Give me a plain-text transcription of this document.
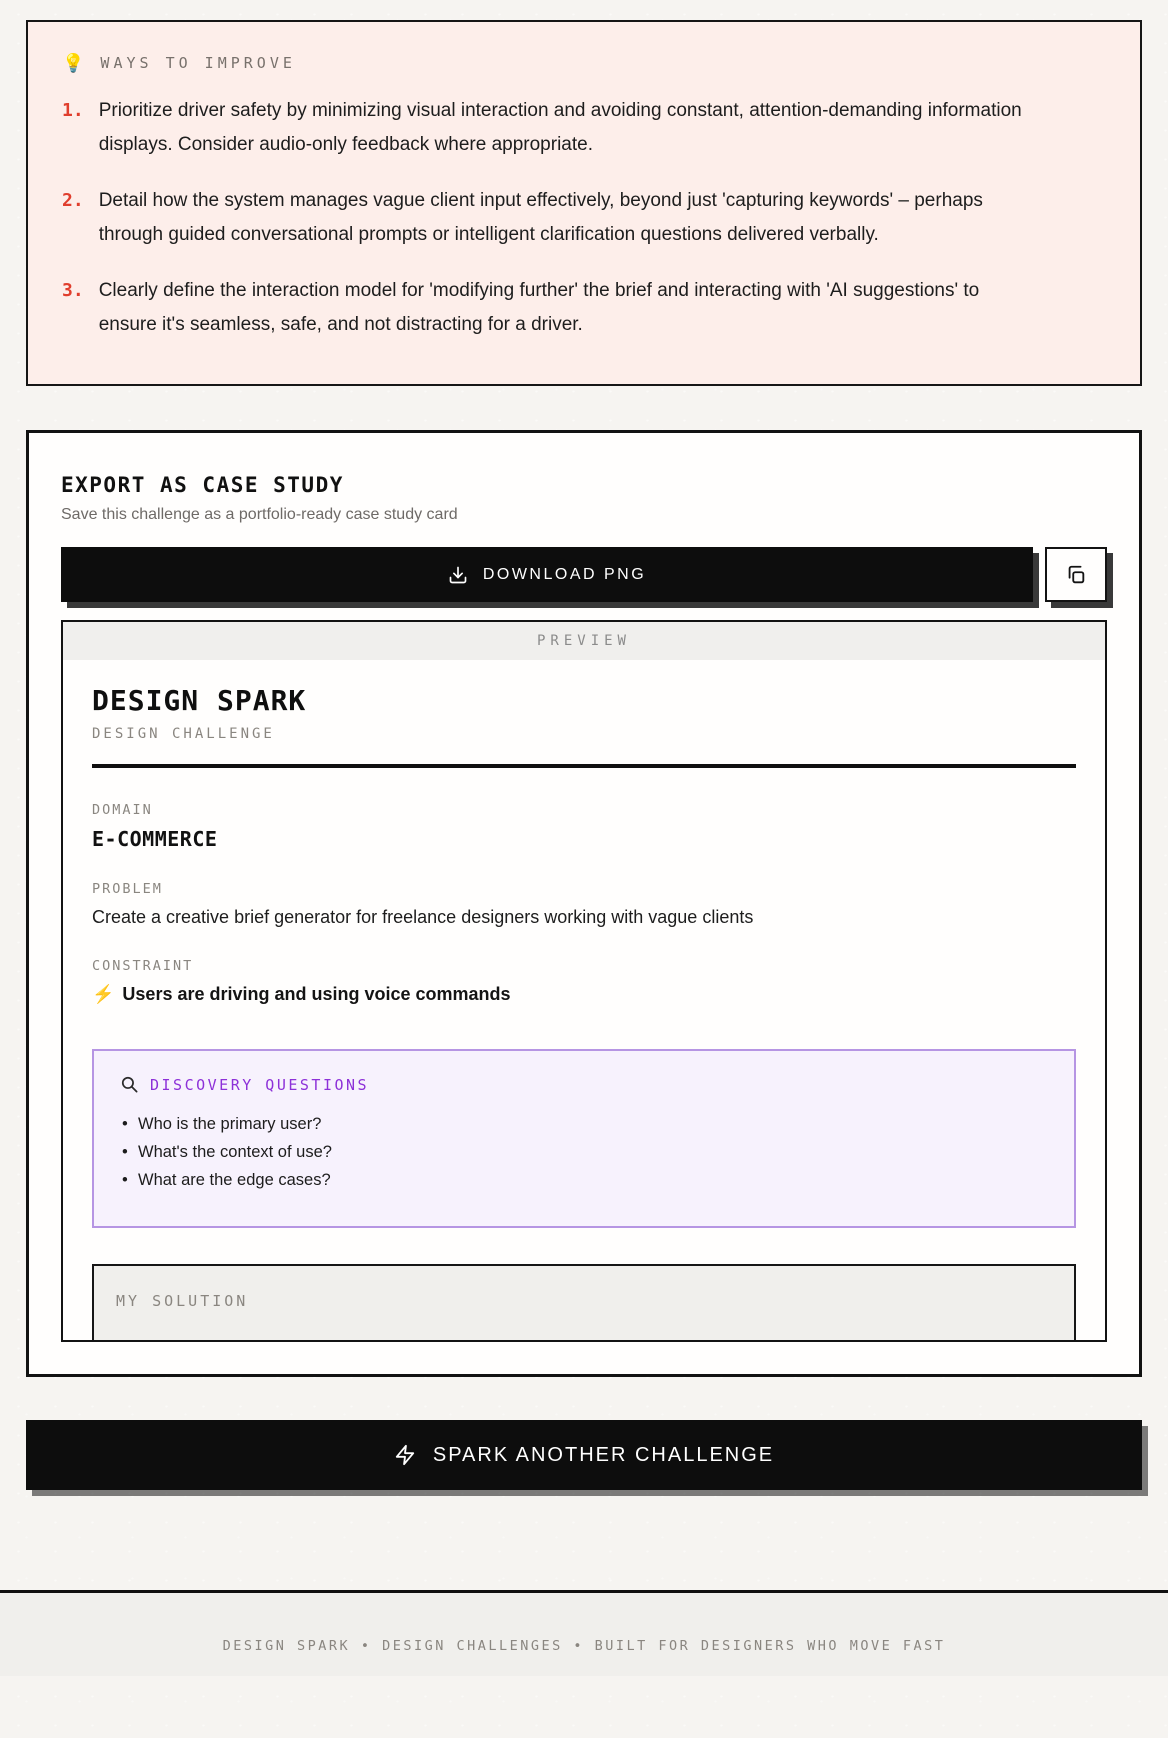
💡 WAYS TO IMPROVE
1. Prioritize driver safety by minimizing visual interaction and avoiding constant, attention-demanding information displays. Consider audio-only feedback where appropriate.
2. Detail how the system manages vague client input effectively, beyond just 'capturing keywords' – perhaps through guided conversational prompts or intelligent clarification questions delivered verbally.
3. Clearly define the interaction model for 'modifying further' the brief and interacting with 'AI suggestions' to ensure it's seamless, safe, and not distracting for a driver.
EXPORT AS CASE STUDY

Save this challenge as a portfolio-ready case study card

DOWNLOAD PNG
PREVIEW
DESIGN SPARK
DESIGN CHALLENGE
DOMAIN
E-COMMERCE
PROBLEM
Create a creative brief generator for freelance designers working with vague clients
CONSTRAINT
⚡ Users are driving and using voice commands
DISCOVERY QUESTIONS
• Who is the primary user?
• What's the context of use?
• What are the edge cases?
MY SOLUTION
SPARK ANOTHER CHALLENGE
DESIGN SPARK • DESIGN CHALLENGES • BUILT FOR DESIGNERS WHO MOVE FAST
